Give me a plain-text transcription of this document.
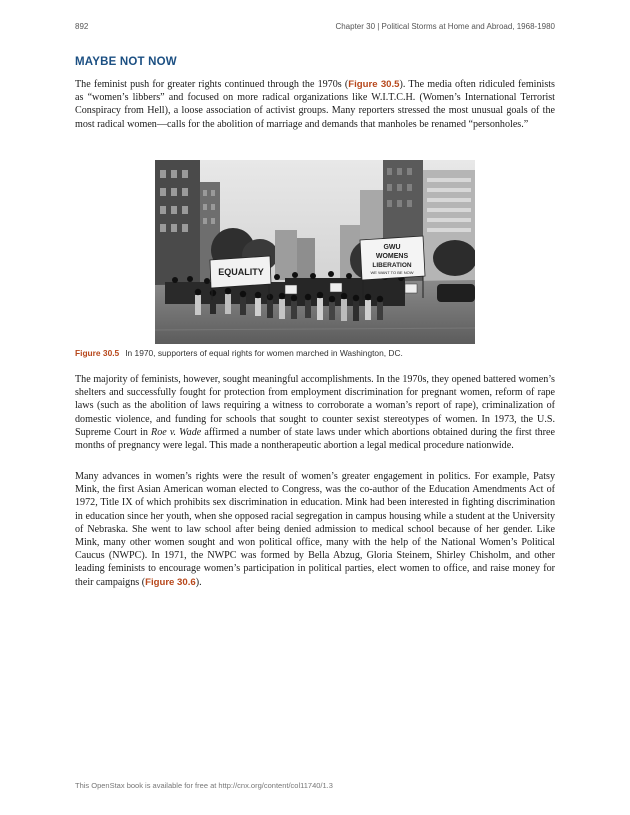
892	Chapter 30 | Political Storms at Home and Abroad, 1968-1980
MAYBE NOT NOW

The feminist push for greater rights continued through the 1970s (Figure 30.5). The media often ridiculed feminists as “women’s libbers” and focused on more radical organizations like W.I.T.C.H. (Women’s International Terrorist Conspiracy from Hell), a loose association of activist groups. Many reporters stressed the most unusual goals of the most radical women—calls for the abolition of marriage and demands that manholes be renamed “personholes.”

EQUALITY
GWU
WOMENS
LIBERATION
WE WANT TO BE NOW
Figure 30.5 In 1970, supporters of equal rights for women marched in Washington, DC.

The majority of feminists, however, sought meaningful accomplishments. In the 1970s, they opened battered women’s shelters and successfully fought for protection from employment discrimination for pregnant women, reform of rape laws (such as the abolition of laws requiring a witness to corroborate a woman’s report of rape), criminalization of domestic violence, and funding for schools that sought to counter sexist stereotypes of women. In 1973, the U.S. Supreme Court in Roe v. Wade affirmed a number of state laws under which abortions obtained during the first three months of pregnancy were legal. This made a nontherapeutic abortion a legal medical procedure nationwide.

Many advances in women’s rights were the result of women’s greater engagement in politics. For example, Patsy Mink, the first Asian American woman elected to Congress, was the co-author of the Education Amendments Act of 1972, Title IX of which prohibits sex discrimination in education. Mink had been interested in fighting discrimination in education since her youth, when she opposed racial segregation in campus housing while a student at the University of Nebraska. She went to law school after being denied admission to medical school because of her gender. Like Mink, many other women sought and won political office, many with the help of the National Women’s Political Caucus (NWPC). In 1971, the NWPC was formed by Bella Abzug, Gloria Steinem, Shirley Chisholm, and other leading feminists to encourage women’s participation in political parties, elect women to office, and raise money for their campaigns (Figure 30.6).

This OpenStax book is available for free at http://cnx.org/content/col11740/1.3
